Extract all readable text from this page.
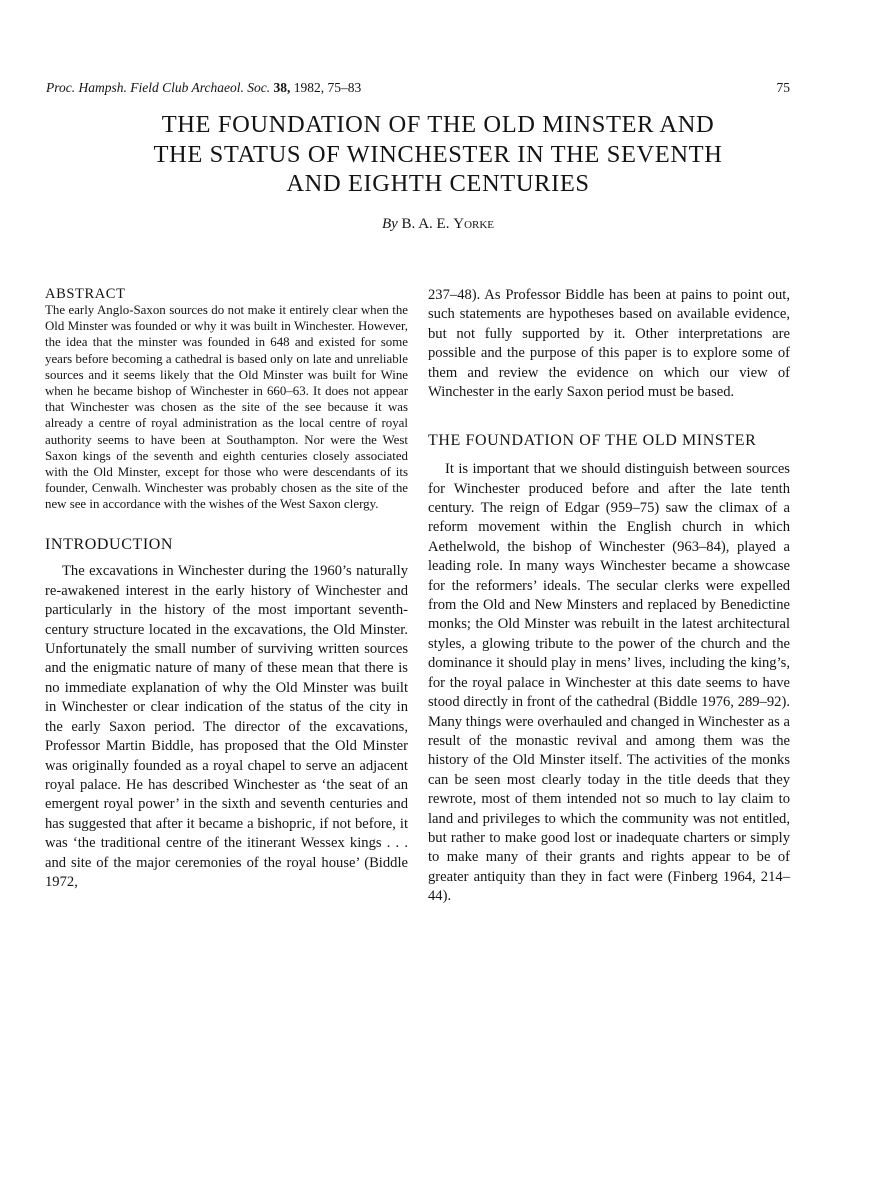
Proc. Hampsh. Field Club Archaeol. Soc. 38, 1982, 75–83	75
THE FOUNDATION OF THE OLD MINSTER AND
THE STATUS OF WINCHESTER IN THE SEVENTH
AND EIGHTH CENTURIES
By B. A. E. Yorke
ABSTRACT

The early Anglo-Saxon sources do not make it entirely clear when the Old Minster was founded or why it was built in Winchester. However, the idea that the minster was founded in 648 and existed for some years before becoming a cathedral is based only on late and unreliable sources and it seems likely that the Old Minster was built for Wine when he became bishop of Winchester in 660–63. It does not appear that Winchester was chosen as the site of the see because it was already a centre of royal administration as the local centre of royal authority seems to have been at Southampton. Nor were the West Saxon kings of the seventh and eighth centuries closely associated with the Old Minster, except for those who were descendants of its founder, Cenwalh. Winchester was probably chosen as the site of the new see in accordance with the wishes of the West Saxon clergy.

INTRODUCTION

The excavations in Winchester during the 1960’s naturally re-awakened interest in the early history of Winchester and particularly in the history of the most important seventh-century structure located in the excavations, the Old Minster. Unfortunately the small number of surviving written sources and the enigmatic nature of many of these mean that there is no immediate explanation of why the Old Minster was built in Winchester or clear indication of the status of the city in the early Saxon period. The director of the excavations, Professor Martin Biddle, has proposed that the Old Minster was originally founded as a royal chapel to serve an adjacent royal palace. He has described Winchester as ‘the seat of an emergent royal power’ in the sixth and seventh centuries and has suggested that after it became a bishopric, if not before, it was ‘the traditional centre of the itinerant Wessex kings . . . and site of the major ceremonies of the royal house’ (Biddle 1972,

237–48). As Professor Biddle has been at pains to point out, such statements are hypotheses based on available evidence, but not fully supported by it. Other interpretations are possible and the purpose of this paper is to explore some of them and review the evidence on which our view of Winchester in the early Saxon period must be based.

THE FOUNDATION OF THE OLD MINSTER

It is important that we should distinguish between sources for Winchester produced before and after the late tenth century. The reign of Edgar (959–75) saw the climax of a reform movement within the English church in which Aethelwold, the bishop of Winchester (963–84), played a leading role. In many ways Winchester became a showcase for the reformers’ ideals. The secular clerks were expelled from the Old and New Minsters and replaced by Benedictine monks; the Old Minster was rebuilt in the latest architectural styles, a glowing tribute to the power of the church and the dominance it should play in mens’ lives, including the king’s, for the royal palace in Winchester at this date seems to have stood directly in front of the cathedral (Biddle 1976, 289–92). Many things were overhauled and changed in Winchester as a result of the monastic revival and among them was the history of the Old Minster itself. The activities of the monks can be seen most clearly today in the title deeds that they rewrote, most of them intended not so much to lay claim to land and privileges to which the community was not entitled, but rather to make good lost or inadequate charters or simply to make many of their grants and rights appear to be of greater antiquity than they in fact were (Finberg 1964, 214–44).
